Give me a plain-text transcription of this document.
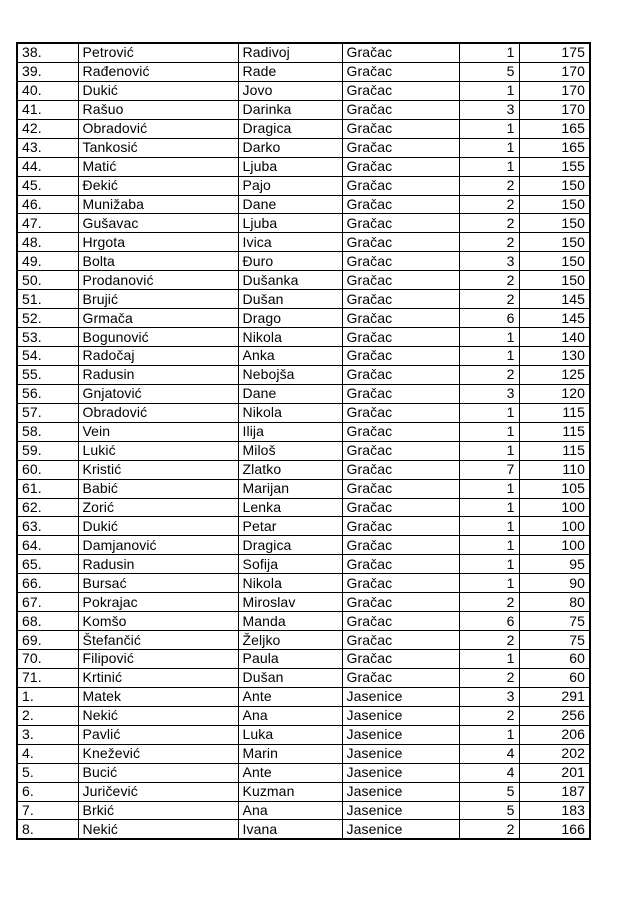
38.	Petrović	Radivoj	Gračac	1	175
39.	Rađenović	Rade	Gračac	5	170
40.	Dukić	Jovo	Gračac	1	170
41.	Rašuo	Darinka	Gračac	3	170
42.	Obradović	Dragica	Gračac	1	165
43.	Tankosić	Darko	Gračac	1	165
44.	Matić	Ljuba	Gračac	1	155
45.	Đekić	Pajo	Gračac	2	150
46.	Munižaba	Dane	Gračac	2	150
47.	Gušavac	Ljuba	Gračac	2	150
48.	Hrgota	Ivica	Gračac	2	150
49.	Bolta	Đuro	Gračac	3	150
50.	Prodanović	Dušanka	Gračac	2	150
51.	Brujić	Dušan	Gračac	2	145
52.	Grmača	Drago	Gračac	6	145
53.	Bogunović	Nikola	Gračac	1	140
54.	Radočaj	Anka	Gračac	1	130
55.	Radusin	Nebojša	Gračac	2	125
56.	Gnjatović	Dane	Gračac	3	120
57.	Obradović	Nikola	Gračac	1	115
58.	Vein	Ilija	Gračac	1	115
59.	Lukić	Miloš	Gračac	1	115
60.	Kristić	Zlatko	Gračac	7	110
61.	Babić	Marijan	Gračac	1	105
62.	Zorić	Lenka	Gračac	1	100
63.	Dukić	Petar	Gračac	1	100
64.	Damjanović	Dragica	Gračac	1	100
65.	Radusin	Sofija	Gračac	1	95
66.	Bursać	Nikola	Gračac	1	90
67.	Pokrajac	Miroslav	Gračac	2	80
68.	Komšo	Manda	Gračac	6	75
69.	Štefančić	Željko	Gračac	2	75
70.	Filipović	Paula	Gračac	1	60
71.	Krtinić	Dušan	Gračac	2	60
1.	Matek	Ante	Jasenice	3	291
2.	Nekić	Ana	Jasenice	2	256
3.	Pavlić	Luka	Jasenice	1	206
4.	Knežević	Marin	Jasenice	4	202
5.	Bucić	Ante	Jasenice	4	201
6.	Juričević	Kuzman	Jasenice	5	187
7.	Brkić	Ana	Jasenice	5	183
8.	Nekić	Ivana	Jasenice	2	166
